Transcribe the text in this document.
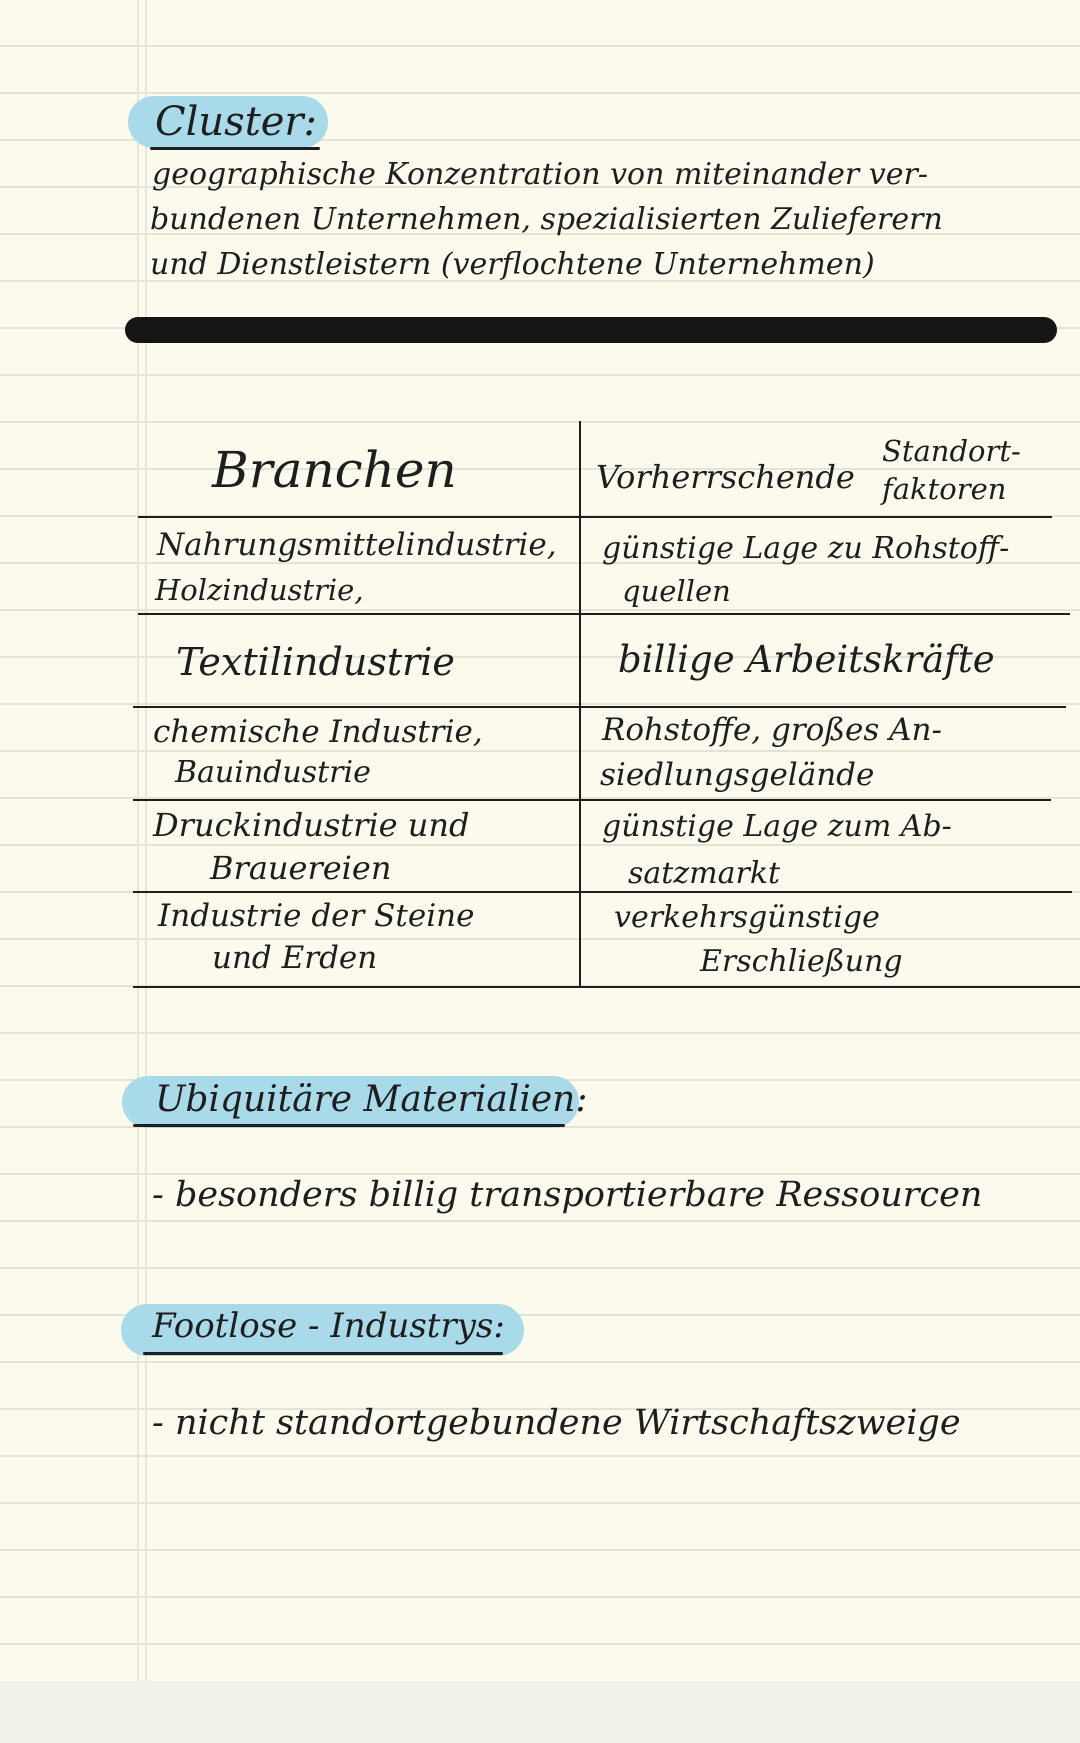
Cluster:
geographische Konzentration von miteinander ver-
bundenen Unternehmen, spezialisierten Zulieferern
und Dienstleistern (verflochtene Unternehmen)
Branchen	Vorherrschende
Standort-
faktoren
Nahrungsmittelindustrie,
Holzindustrie,
günstige Lage zu Rohstoff-
quellen
Textilindustrie	billige Arbeitskräfte
chemische Industrie,
Bauindustrie
Rohstoffe, großes An-
siedlungsgelände
Druckindustrie und
Brauereien
günstige Lage zum Ab-
satzmarkt
Industrie der Steine
und Erden
verkehrsgünstige
Erschließung
Ubiquitäre Materialien:
- besonders billig transportierbare Ressourcen
Footlose - Industrys:
- nicht standortgebundene Wirtschaftszweige
